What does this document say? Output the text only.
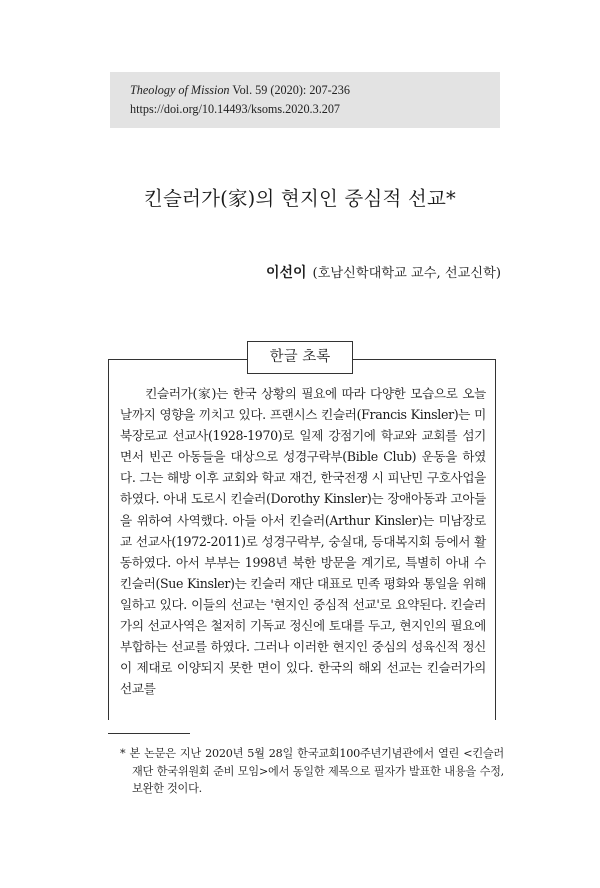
Theology of Mission Vol. 59 (2020): 207-236
https://doi.org/10.14493/ksoms.2020.3.207
킨슬러가(家)의 현지인 중심적 선교*
이선이 (호남신학대학교 교수, 선교신학)
한글 초록

킨슬러가(家)는 한국 상황의 필요에 따라 다양한 모습으로 오늘날까지 영향을 끼치고 있다. 프랜시스 킨슬러(Francis Kinsler)는 미북장로교 선교사(1928-1970)로 일제 강점기에 학교와 교회를 섬기면서 빈곤 아동들을 대상으로 성경구락부(Bible Club) 운동을 하였다. 그는 해방 이후 교회와 학교 재건, 한국전쟁 시 피난민 구호사업을 하였다. 아내 도로시 킨슬러(Dorothy Kinsler)는 장애아동과 고아들을 위하여 사역했다. 아들 아서 킨슬러(Arthur Kinsler)는 미남장로교 선교사(1972-2011)로 성경구락부, 숭실대, 등대복지회 등에서 활동하였다. 아서 부부는 1998년 북한 방문을 계기로, 특별히 아내 수 킨슬러(Sue Kinsler)는 킨슬러 재단 대표로 민족 평화와 통일을 위해 일하고 있다. 이들의 선교는 '현지인 중심적 선교'로 요약된다. 킨슬러가의 선교사역은 철저히 기독교 정신에 토대를 두고, 현지인의 필요에 부합하는 선교를 하였다. 그러나 이러한 현지인 중심의 성육신적 정신이 제대로 이양되지 못한 면이 있다. 한국의 해외 선교는 킨슬러가의 선교를

* 본 논문은 지난 2020년 5월 28일 한국교회100주년기념관에서 열린 <킨슬러 재단 한국위원회 준비 모임>에서 동일한 제목으로 필자가 발표한 내용을 수정, 보완한 것이다.
